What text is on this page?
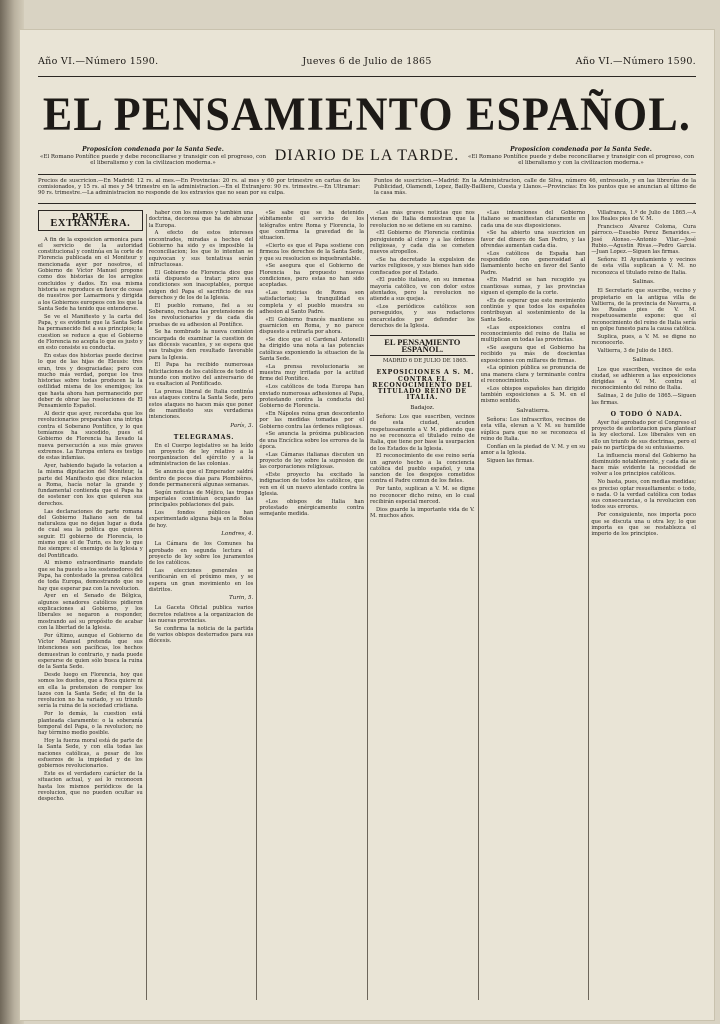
Año VI.—Número 1590.	Jueves 6 de Julio de 1865	Año VI.—Número 1590.
EL PENSAMIENTO ESPAÑOL.
Proposicion condenada por la Santa Sede.
«El Romano Pontífice puede y debe reconciliarse y transigir con el progreso, con el liberalismo y con la civilizacion moderna.»	DIARIO DE LA TARDE.	Proposicion condenada por la Santa Sede.
«El Romano Pontífice puede y debe reconciliarse y transigir con el progreso, con el liberalismo y con la civilizacion moderna.»
Precios de suscricion.—En Madrid: 12 rs. al mes.—En Provincias: 20 rs. al mes y 60 por trimestre en cartas de los comisionados, y 15 rs. al mes y 54 trimestre en la administracion.—En el Extranjero: 90 rs. trimestre.—En Ultramar: 90 rs. trimestre.—La administracion no responde de los extravíos que no sean por su culpa.
Puntos de suscricion.—Madrid: En la Administracion, calle de Silva, número 46, entresuelo, y en las librerías de la Publicidad, Olamendi, Lopez, Bailly-Bailliere, Cuesta y Llanos.—Provincias: En los puntos que se anuncian al último de la casa más.
PARTE EXTRANJERA.

A fin de la exposicion armonica para el servicio de la autoridad constitucional y continúa en la corte de Florencia publicada en el Moniteur y mencionada ayer por nosotros, el Gobierno de Víctor Manuel propone como dos historias de los arreglos concluidos y dados. En esa misma historia se reproduce en favor de cosas de nuestros por Lamarmora y dirigida a los Gobiernos europeos con los que la Santa Sede ha tenido que entenderse.

Se ve el Manifiesto y la carta del Papa, y es evidente que la Santa Sede ha permanecido fiel a sus principios; la cuestion se reduce a que el Gobierno de Florencia no acepta lo que es justo y en esto consiste su conducta.

En estas dos historias puede decirse lo que de las hijas de Eleusis: tres eran, tres y desgraciadas; pero con mucho más verdad, porque los tres historias sobre todas producen la la ostilidad misma de los enemigos; los que hasta ahora han permanecido por deber de obrar las resoluciones de El Pensamiento Español.

Al decir que ayer, recordaba que los revolucionarios preparaban una intriga contra el Soberano Pontífice, y lo que temíamos ha sucedido, pues el Gobierno de Florencia ha llevado la nueva persecución a sus más graves extremos. La Europa entera es testigo de estas infamias.

Ayer, habiendo bajado la votacion a la misma diputacion del Moniteur, la parte del Manifiesto que dice relacion a Roma, hacía notar la grande y fundamental contienda que el Papa ha de sostener con los que quieren sus derechos.

Las declaraciones de parte romana del Gobierno Italiano son de tal naturaleza que no dejan lugar a duda de cual sea la política que quieren seguir. El gobierno de Florencia, lo mismo que el de Turin, es hoy lo que fue siempre: el enemigo de la Iglesia y del Pontificado.

Al mismo extraordinario mandato que se ha puesto a los sostenedores del Papa, ha contestado la prensa católica de toda Europa, demostrando que no hay que esperar paz con la revolucion.

Ayer en el Senado de Bélgica, algunos senadores católicos pidieron explicaciones al Gobierno, y los liberales se negaron a responder, mostrando así su propósito de acabar con la libertad de la Iglesia.

Por último, aunque el Gobierno de Víctor Manuel pretenda que sus intenciones son pacíficas, los hechos demuestran lo contrario, y nada puede esperarse de quien sólo busca la ruina de la Santa Sede.

Desde luego en Florencia, hoy que somos los dueños, que a Roca quiere ni en ella la pretension de romper los lazos con la Santa Sede; el fin de la revolucion no ha variado, y su triunfo sería la ruina de la sociedad cristiana.

Por lo demás, la cuestion está planteada claramente: o la soberanía temporal del Papa, o la revolucion; no hay término medio posible.

Hoy la fuerza moral está de parte de la Santa Sede, y con ella todas las naciones católicas, a pesar de los esfuerzos de la impiedad y de los gobiernos revolucionarios.

Este es el verdadero carácter de la situacion actual, y así lo reconocen hasta los mismos periódicos de la revolucion, que no pueden ocultar su despecho.

haber con los mismos y también una doctrina, decorosa que ha de abrazar la Europa.

A efecto de estos intereses encontrados, miradas a hechos del Gobierno ha sido y es imposible la reconciliacion; los que lo intentan se equivocan y sus tentativas serán infructuosas.

El Gobierno de Florencia dice que está dispuesto a tratar; pero sus condiciones son inaceptables, porque exigen del Papa el sacrificio de sus derechos y de los de la Iglesia.

El pueblo romano, fiel a su Soberano, rechaza las pretensiones de los revolucionarios y da cada día pruebas de su adhesion al Pontífice.

Se ha nombrado la nueva comision encargada de examinar la cuestion de las diócesis vacantes, y se espera que sus trabajos den resultado favorable para la Iglesia.

El Papa ha recibido numerosas felicitaciones de los católicos de todo el mundo con motivo del aniversario de su exaltacion al Pontificado.

La prensa liberal de Italia continúa sus ataques contra la Santa Sede, pero estos ataques no hacen más que poner de manifiesto sus verdaderas intenciones.

París, 3.

TELEGRAMAS.

En el Cuerpo legislativo se ha leído un proyecto de ley relativo a la reorganizacion del ejército y a la administracion de las colonias.

Se anuncia que el Emperador saldrá dentro de pocos días para Plombières, donde permanecerá algunas semanas.

Según noticias de Méjico, las tropas imperiales continúan ocupando las principales poblaciones del país.

Los fondos públicos han experimentado alguna baja en la Bolsa de hoy.

Londres, 4.

La Cámara de los Comunes ha aprobado en segunda lectura el proyecto de ley sobre los juramentos de los católicos.

Las elecciones generales se verificarán en el próximo mes, y se espera un gran movimiento en los distritos.

Turin, 5.

La Gaceta Oficial publica varios decretos relativos a la organizacion de las nuevas provincias.

Se confirma la noticia de la partida de varios obispos desterrados para sus diócesis.

«Se sabe que se ha detenido súbitamente el servicio de los telégrafos entre Roma y Florencia, lo que confirma la gravedad de la situacion.

«Cierto es que el Papa sostiene con firmeza los derechos de la Santa Sede, y que su resolucion es inquebrantable.

«Se asegura que el Gobierno de Florencia ha propuesto nuevas condiciones, pero estas no han sido aceptadas.

«Las noticias de Roma son satisfactorias; la tranquilidad es completa y el pueblo muestra su adhesion al Santo Padre.

«El Gobierno francés mantiene su guarnicion en Roma, y no parece dispuesto a retirarla por ahora.

«Se dice que el Cardenal Antonelli ha dirigido una nota a las potencias católicas exponiendo la situacion de la Santa Sede.

«La prensa revolucionaria se muestra muy irritada por la actitud firme del Pontífice.

«Los católicos de toda Europa han enviado numerosas adhesiones al Papa, protestando contra la conducta del Gobierno de Florencia.

«En Nápoles reina gran descontento por las medidas tomadas por el Gobierno contra las órdenes religiosas.

«Se anuncia la próxima publicacion de una Encíclica sobre los errores de la época.

«Las Cámaras italianas discuten un proyecto de ley sobre la supresion de las corporaciones religiosas.

«Este proyecto ha excitado la indignacion de todos los católicos, que ven en él un nuevo atentado contra la Iglesia.

«Los obispos de Italia han protestado enérgicamente contra semejante medida.

«Las más graves noticias que nos vienen de Italia demuestran que la revolucion no se detiene en su camino.

«El Gobierno de Florencia continúa persiguiendo al clero y a las órdenes religiosas, y cada día se cometen nuevos atropellos.

«Se ha decretado la expulsion de varios religiosos, y sus bienes han sido confiscados por el Estado.

«El pueblo italiano, en su inmensa mayoría católico, ve con dolor estos atentados, pero la revolucion no atiende a sus quejas.

«Los periódicos católicos son perseguidos, y sus redactores encarcelados por defender los derechos de la Iglesia.

EL PENSAMIENTO ESPAÑOL.

MADRID 6 DE JULIO DE 1865.

EXPOSICIONES A S. M. CONTRA EL RECONOCIMIENTO DEL TITULADO REINO DE ITALIA.

Badajoz.

Señora: Los que suscriben, vecinos de esta ciudad, acuden respetuosamente a V. M. pidiendo que no se reconozca el titulado reino de Italia, que tiene por base la usurpacion de los Estados de la Iglesia.

El reconocimiento de ese reino sería un agravio hecho a la conciencia católica del pueblo español, y una sancion de los despojos cometidos contra el Padre comun de los fieles.

Por tanto, suplican a V. M. se digne no reconocer dicho reino, en lo cual recibirán especial merced.

Dios guarde la importante vida de V. M. muchos años.

«Las intenciones del Gobierno italiano se manifiestan claramente en cada una de sus disposiciones.

«Se ha abierto una suscricion en favor del dinero de San Pedro, y las ofrendas aumentan cada día.

«Los católicos de España han respondido con generosidad al llamamiento hecho en favor del Santo Padre.

«En Madrid se han recogido ya cuantiosas sumas, y las provincias siguen el ejemplo de la corte.

«Es de esperar que este movimiento continúe y que todos los españoles contribuyan al sostenimiento de la Santa Sede.

«Las exposiciones contra el reconocimiento del reino de Italia se multiplican en todas las provincias.

«Se asegura que el Gobierno ha recibido ya más de doscientas exposiciones con millares de firmas.

«La opinion pública se pronuncia de una manera clara y terminante contra el reconocimiento.

«Los obispos españoles han dirigido también exposiciones a S. M. en el mismo sentido.

Salvatierra.

Señora: Los infrascritos, vecinos de esta villa, elevan a V. M. su humilde súplica para que no se reconozca el reino de Italia.

Confían en la piedad de V. M. y en su amor a la Iglesia.

Siguen las firmas.

Villafranca, 1.º de Julio de 1865.—A los Reales pies de V. M.

Francisco Alvarez Coloma, Cura párroco.—Eusebio Perez Benavides.—José Alonso.—Antonio Vilar.—José Rubio.—Agustin Rivas.—Pedro Garcia.—Juan Lopez.—Siguen las firmas.

Señora: El Ayuntamiento y vecinos de esta villa suplican a V. M. no reconozca el titulado reino de Italia.

Salinas.

El Secretario que suscribe, vecino y propietario en la antigua villa de Valtierra, de la provincia de Navarra, a los Reales pies de V. M. respetuosamente expone: que el reconocimiento del reino de Italia sería un golpe funesto para la causa católica.

Suplica, pues, a V. M. se digne no reconocerlo.

Valtierra, 3 de Julio de 1865.

Salinas.

Los que suscriben, vecinos de esta ciudad, se adhieren a las exposiciones dirigidas a V. M. contra el reconocimiento del reino de Italia.

Salinas, 2 de Julio de 1865.—Siguen las firmas.

O TODO Ó NADA.

Ayer fué aprobado por el Congreso el proyecto de autorizacion para plantear la ley electoral. Los liberales ven en ello un triunfo de sus doctrinas, pero el país no participa de su entusiasmo.

La influencia moral del Gobierno ha disminuido notablemente, y cada día se hace más evidente la necesidad de volver a los principios católicos.

No basta, pues, con medias medidas; es preciso optar resueltamente: o todo, o nada. O la verdad católica con todas sus consecuencias, o la revolucion con todos sus errores.

Por consiguiente, nos importa poco que se discuta una u otra ley; lo que importa es que se restablezca el imperio de los principios.
